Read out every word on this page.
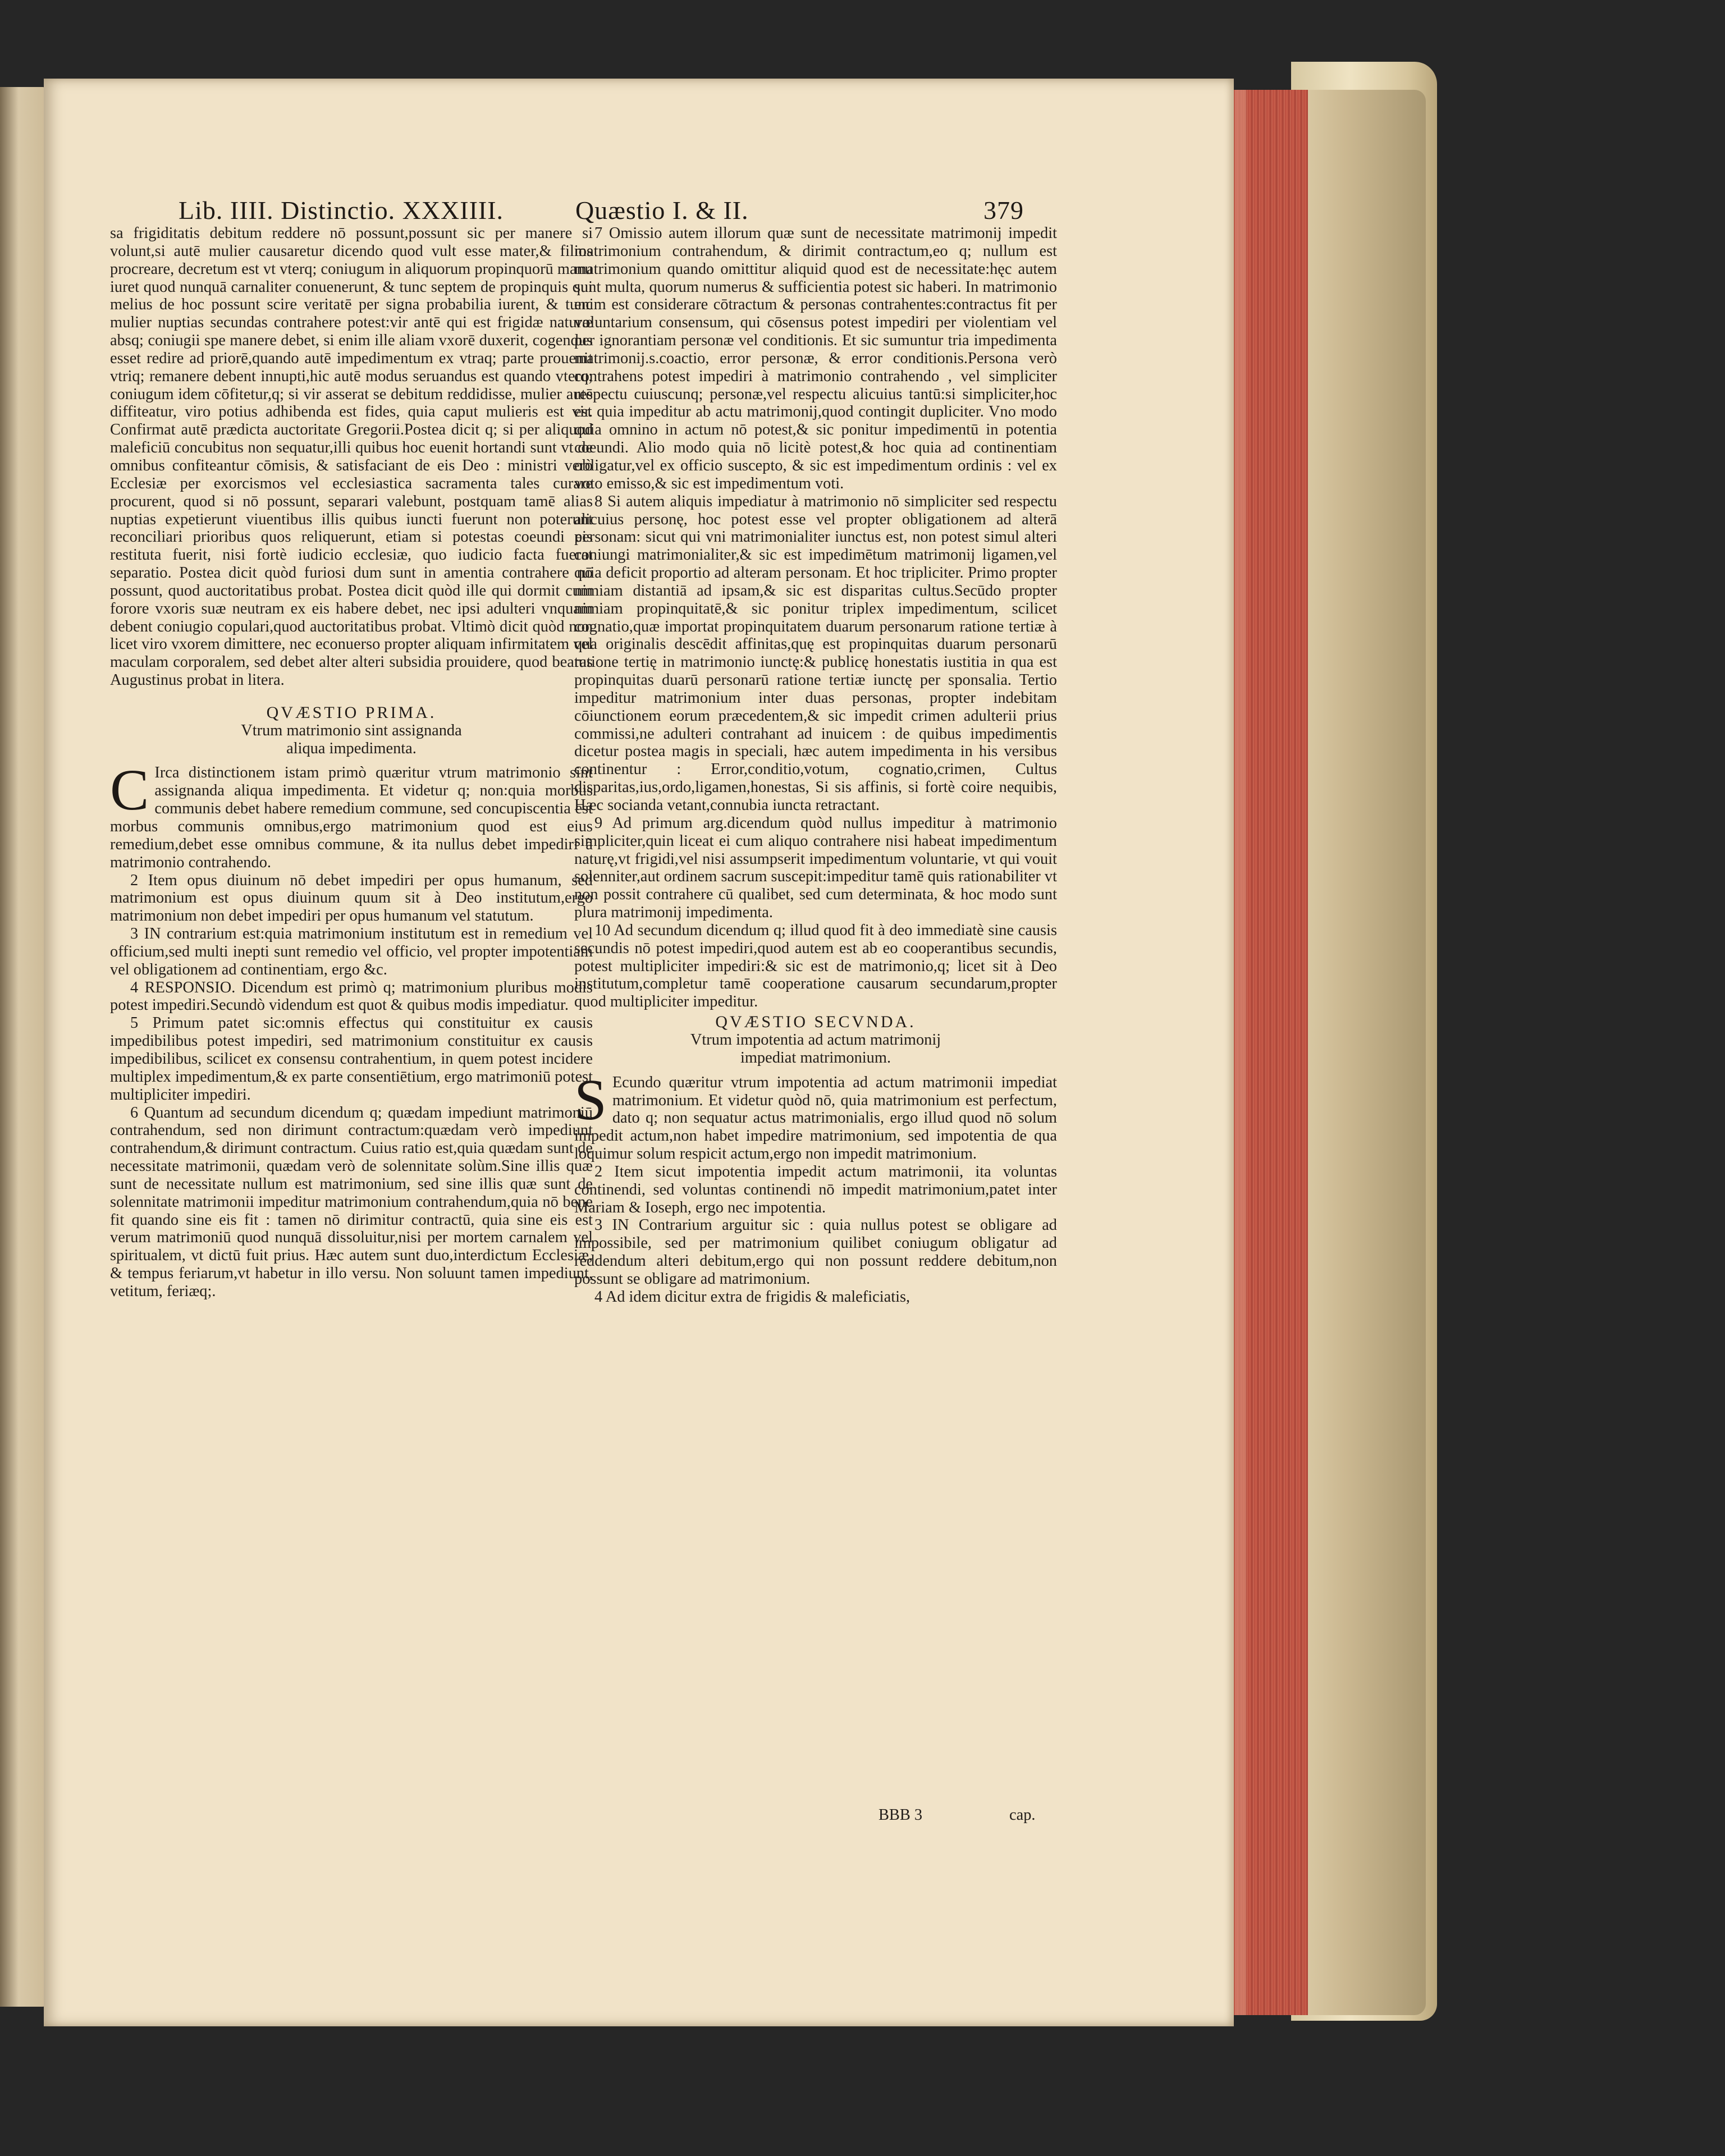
Lib. IIII. Distinctio. XXXIIII.	Quæstio I. & II.	379

sa frigiditatis debitum reddere nō possunt,possunt sic per manere si volunt,si autē mulier causaretur dicendo quod vult esse mater,& filios procreare, decretum est vt vterq; coniugum in aliquorum propinquorū manu iuret quod nunquā carnaliter conuenerunt, & tunc septem de propinquis qui melius de hoc possunt scire veritatē per signa probabilia iurent, & tunc mulier nuptias secundas contrahere potest:vir antē qui est frigidæ naturæ absq; coniugii spe manere debet, si enim ille aliam vxorē duxerit, cogendus esset redire ad priorē,quando autē impedimentum ex vtraq; parte prouenit vtriq; remanere debent innupti,hic autē modus seruandus est quando vterq; coniugum idem cōfitetur,q; si vir asserat se debitum reddidisse, mulier autē diffiteatur, viro potius adhibenda est fides, quia caput mulieris est vir. Confirmat autē prædicta auctoritate Gregorii.Postea dicit q; si per aliquod maleficiū concubitus non sequatur,illi quibus hoc euenit hortandi sunt vt de omnibus confiteantur cōmisis, & satisfaciant de eis Deo : ministri verò Ecclesiæ per exorcismos vel ecclesiastica sacramenta tales curare procurent, quod si nō possunt, separari valebunt, postquam tamē alias nuptias expetierunt viuentibus illis quibus iuncti fuerunt non poterunt reconciliari prioribus quos reliquerunt, etiam si potestas coeundi eis restituta fuerit, nisi fortè iudicio ecclesiæ, quo iudicio facta fuerat separatio. Postea dicit quòd furiosi dum sunt in amentia contrahere nō possunt, quod auctoritatibus probat. Postea dicit quòd ille qui dormit cum forore vxoris suæ neutram ex eis habere debet, nec ipsi adulteri vnquam debent coniugio copulari,quod auctoritatibus probat. Vltimò dicit quòd non licet viro vxorem dimittere, nec econuerso propter aliquam infirmitatem vel maculam corporalem, sed debet alter alteri subsidia prouidere, quod beatus Augustinus probat in litera.

QVÆSTIO PRIMA.

Vtrum matrimonio sint assignanda

aliqua impedimenta.

C Irca distinctionem istam primò quæritur vtrum matrimonio sint assignanda aliqua impedimenta. Et videtur q; non:quia morbus communis debet habere remedium commune, sed concupiscentia est morbus communis omnibus,ergo matrimonium quod est eius remedium,debet esse omnibus commune, & ita nullus debet impediri à matrimonio contrahendo.

2 Item opus diuinum nō debet impediri per opus humanum, sed matrimonium est opus diuinum quum sit à Deo institutum,ergo matrimonium non debet impediri per opus humanum vel statutum.

3 IN contrarium est:quia matrimonium institutum est in remedium vel officium,sed multi inepti sunt remedio vel officio, vel propter impotentiam vel obligationem ad continentiam, ergo &c.

4 RESPONSIO. Dicendum est primò q; matrimonium pluribus modis potest impediri.Secundò videndum est quot & quibus modis impediatur.

5 Primum patet sic:omnis effectus qui constituitur ex causis impedibilibus potest impediri, sed matrimonium constituitur ex causis impedibilibus, scilicet ex consensu contrahentium, in quem potest incidere multiplex impedimentum,& ex parte consentiētium, ergo matrimoniū potest multipliciter impediri.

6 Quantum ad secundum dicendum q; quædam impediunt matrimoniū contrahendum, sed non dirimunt contractum:quædam verò impediunt contrahendum,& dirimunt contractum. Cuius ratio est,quia quædam sunt de necessitate matrimonii, quædam verò de solennitate solùm.Sine illis quæ sunt de necessitate nullum est matrimonium, sed sine illis quæ sunt de solennitate matrimonii impeditur matrimonium contrahendum,quia nō bene fit quando sine eis fit : tamen nō dirimitur contractū, quia sine eis est verum matrimoniū quod nunquā dissoluitur,nisi per mortem carnalem vel spiritualem, vt dictū fuit prius. Hæc autem sunt duo,interdictum Ecclesiæ, & tempus feriarum,vt habetur in illo versu. Non soluunt tamen impediunt, vetitum, feriæq;.

7 Omissio autem illorum quæ sunt de necessitate matrimonij impedit matrimonium contrahendum, & dirimit contractum,eo q; nullum est matrimonium quando omittitur aliquid quod est de necessitate:hęc autem sunt multa, quorum numerus & sufficientia potest sic haberi. In matrimonio enim est considerare cōtractum & personas contrahentes:contractus fit per voluntarium consensum, qui cōsensus potest impediri per violentiam vel per ignorantiam personæ vel conditionis. Et sic sumuntur tria impedimenta matrimonij.s.coactio, error personæ, & error conditionis.Persona verò contrahens potest impediri à matrimonio contrahendo , vel simpliciter respectu cuiuscunq; personæ,vel respectu alicuius tantū:si simpliciter,hoc est quia impeditur ab actu matrimonij,quod contingit dupliciter. Vno modo quia omnino in actum nō potest,& sic ponitur impedimentū in potentia coeundi. Alio modo quia nō licitè potest,& hoc quia ad continentiam obligatur,vel ex officio suscepto, & sic est impedimentum ordinis : vel ex voto emisso,& sic est impedimentum voti.

8 Si autem aliquis impediatur à matrimonio nō simpliciter sed respectu alicuius personę, hoc potest esse vel propter obligationem ad alterā personam: sicut qui vni matrimonialiter iunctus est, non potest simul alteri coniungi matrimonialiter,& sic est impedimētum matrimonij ligamen,vel quia deficit proportio ad alteram personam. Et hoc tripliciter. Primo propter nimiam distantiā ad ipsam,& sic est disparitas cultus.Secūdo propter nimiam propinquitatē,& sic ponitur triplex impedimentum, scilicet cognatio,quæ importat propinquitatem duarum personarum ratione tertiæ à qua originalis descēdit affinitas,quę est propinquitas duarum personarū ratione tertię in matrimonio iunctę:& publicę honestatis iustitia in qua est propinquitas duarū personarū ratione tertiæ iunctę per sponsalia. Tertio impeditur matrimonium inter duas personas, propter indebitam cōiunctionem eorum præcedentem,& sic impedit crimen adulterii prius commissi,ne adulteri contrahant ad inuicem : de quibus impedimentis dicetur postea magis in speciali, hæc autem impedimenta in his versibus continentur : Error,conditio,votum, cognatio,crimen, Cultus disparitas,ius,ordo,ligamen,honestas, Si sis affinis, si fortè coire nequibis, Hæc socianda vetant,connubia iuncta retractant.

9 Ad primum arg.dicendum quòd nullus impeditur à matrimonio simpliciter,quin liceat ei cum aliquo contrahere nisi habeat impedimentum naturę,vt frigidi,vel nisi assumpserit impedimentum voluntarie, vt qui vouit solenniter,aut ordinem sacrum suscepit:impeditur tamē quis rationabiliter vt non possit contrahere cū qualibet, sed cum determinata, & hoc modo sunt plura matrimonij impedimenta.

10 Ad secundum dicendum q; illud quod fit à deo immediatè sine causis secundis nō potest impediri,quod autem est ab eo cooperantibus secundis, potest multipliciter impediri:& sic est de matrimonio,q; licet sit à Deo institutum,completur tamē cooperatione causarum secundarum,propter quod multipliciter impeditur.

QVÆSTIO SECVNDA.

Vtrum impotentia ad actum matrimonij

impediat matrimonium.

S Ecundo quæritur vtrum impotentia ad actum matrimonii impediat matrimonium. Et videtur quòd nō, quia matrimonium est perfectum, dato q; non sequatur actus matrimonialis, ergo illud quod nō solum impedit actum,non habet impedire matrimonium, sed impotentia de qua loquimur solum respicit actum,ergo non impedit matrimonium.

2 Item sicut impotentia impedit actum matrimonii, ita voluntas continendi, sed voluntas continendi nō impedit matrimonium,patet inter Mariam & Ioseph, ergo nec impotentia.

3 IN Contrarium arguitur sic : quia nullus potest se obligare ad impossibile, sed per matrimonium quilibet coniugum obligatur ad reddendum alteri debitum,ergo qui non possunt reddere debitum,non possunt se obligare ad matrimonium.

4 Ad idem dicitur extra de frigidis & maleficiatis,

BBB 3	cap.
